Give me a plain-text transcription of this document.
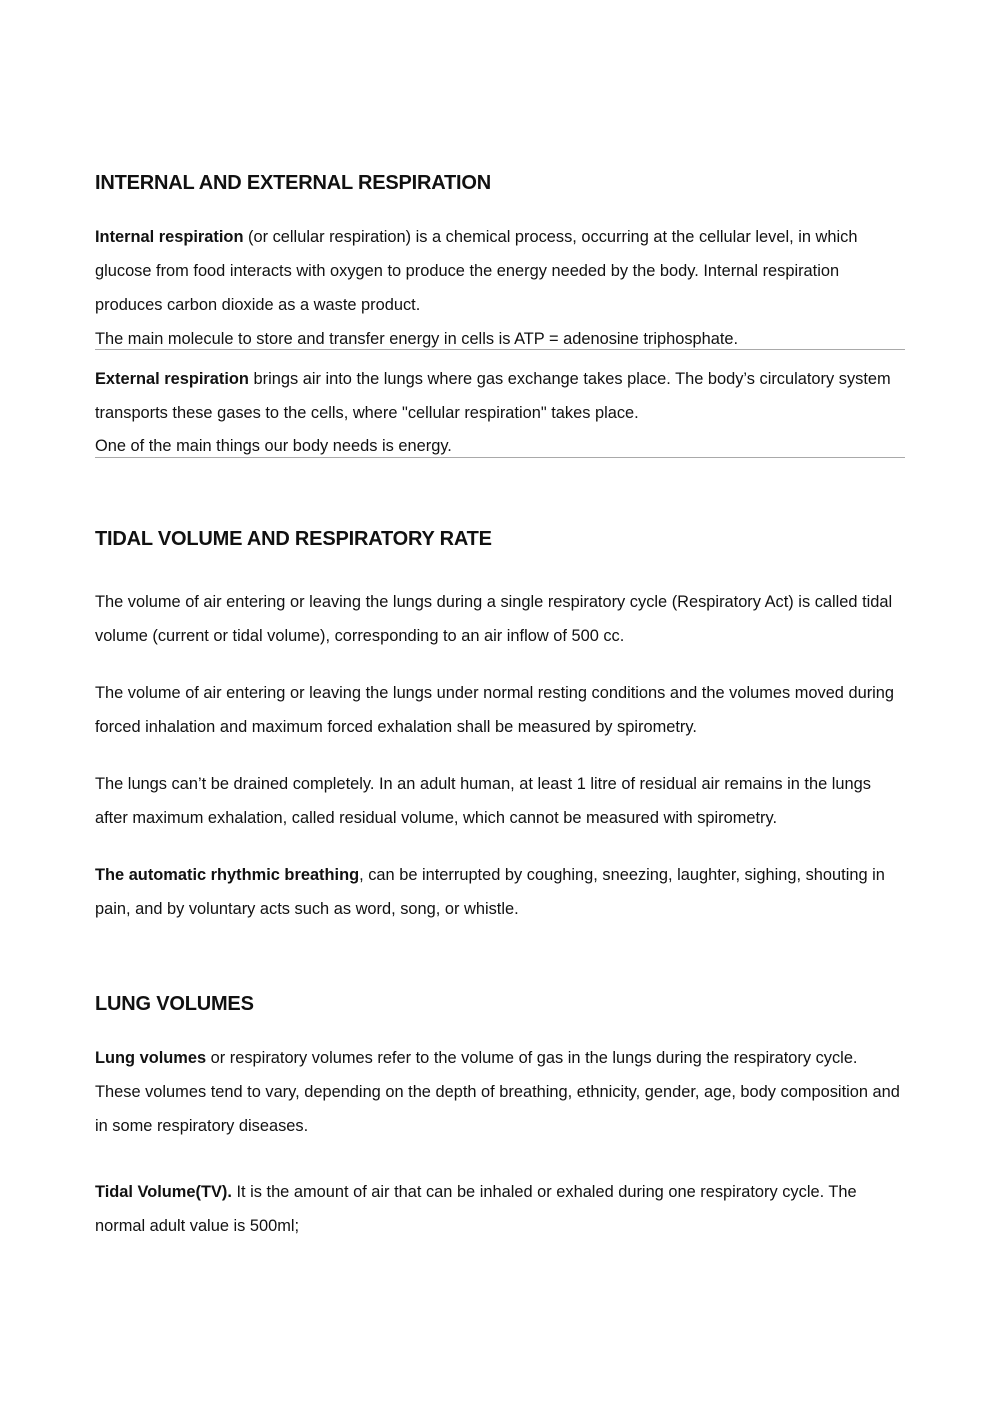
INTERNAL AND EXTERNAL RESPIRATION

Internal respiration (or cellular respiration) is a chemical process, occurring at the cellular level, in which glucose from food interacts with oxygen to produce the energy needed by the body. Internal respiration produces carbon dioxide as a waste product.

The main molecule to store and transfer energy in cells is ATP = adenosine triphosphate.

External respiration brings air into the lungs where gas exchange takes place. The body’s circulatory system transports these gases to the cells, where "cellular respiration" takes place.

One of the main things our body needs is energy.

TIDAL VOLUME AND RESPIRATORY RATE

The volume of air entering or leaving the lungs during a single respiratory cycle (Respiratory Act) is called tidal volume (current or tidal volume), corresponding to an air inflow of 500 cc.

The volume of air entering or leaving the lungs under normal resting conditions and the volumes moved during forced inhalation and maximum forced exhalation shall be measured by spirometry.

The lungs can’t be drained completely. In an adult human, at least 1 litre of residual air remains in the lungs after maximum exhalation, called residual volume, which cannot be measured with spirometry.

The automatic rhythmic breathing, can be interrupted by coughing, sneezing, laughter, sighing, shouting in pain, and by voluntary acts such as word, song, or whistle.

LUNG VOLUMES

Lung volumes or respiratory volumes refer to the volume of gas in the lungs during the respiratory cycle. These volumes tend to vary, depending on the depth of breathing, ethnicity, gender, age, body composition and in some respiratory diseases.

Tidal Volume(TV). It is the amount of air that can be inhaled or exhaled during one respiratory cycle. The normal adult value is 500ml;
